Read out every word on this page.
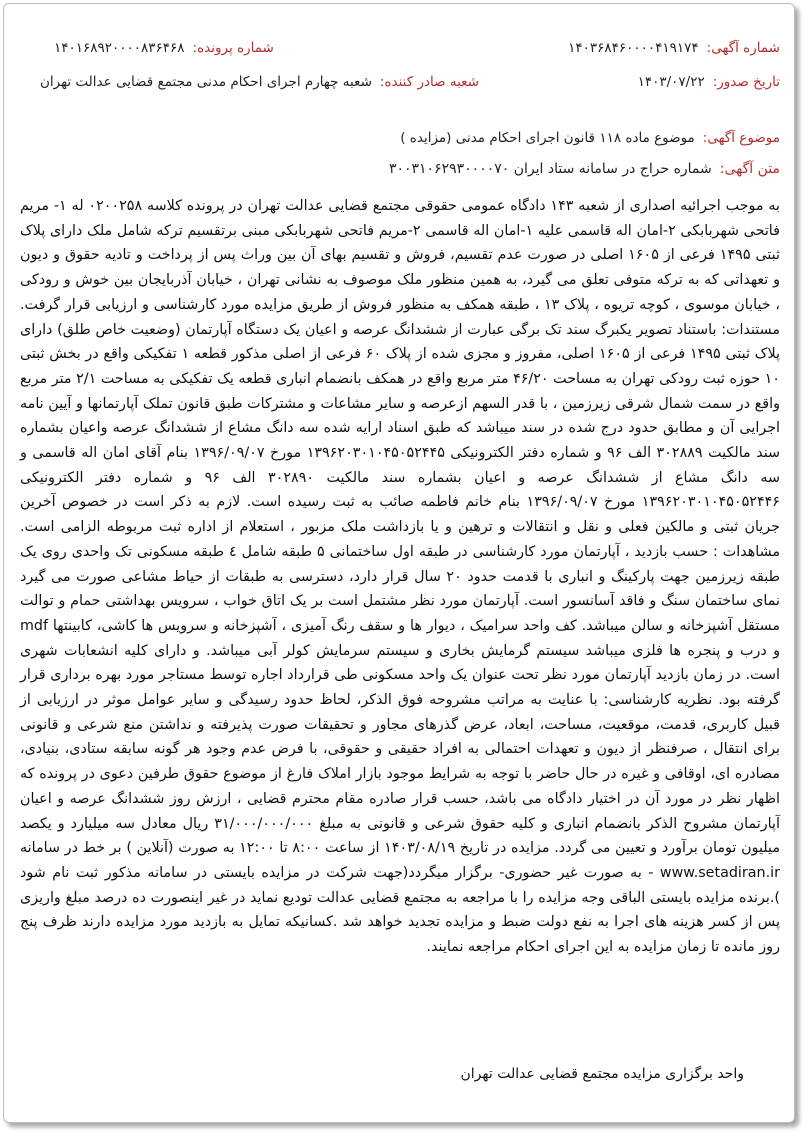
شماره آگهی:
۱۴۰۳۶۸۴۶۰۰۰۰۴۱۹۱۷۴
شماره پرونده:
۱۴۰۱۶۸۹۲۰۰۰۰۸۳۶۴۶۸
تاریخ صدور:
۱۴۰۳/۰۷/۲۲
شعبه صادر کننده:
شعبه چهارم اجرای احکام مدنی مجتمع قضایی عدالت تهران
موضوع آگهی:موضوع ماده ۱۱۸ قانون اجرای احکام مدنی (مزایده )
متن آگهی:شماره حراج در سامانه ستاد ایران ۳۰۰۳۱۰۶۲۹۳۰۰۰۰۷۰

به موجب اجرائیه اصداری از شعبه ۱۴۳ دادگاه عمومی حقوقی مجتمع قضایی عدالت تهران در پرونده کلاسه ۰۲۰۰۲۵۸ له ۱- مریم فاتحی شهربابکی ۲-امان اله قاسمی علیه ۱-امان اله قاسمی ۲-مریم فاتحی شهربابکی مبنی برتقسیم ترکه شامل ملک دارای پلاک ثبتی ۱۴۹۵ فرعی از ۱۶۰۵ اصلی در صورت عدم تقسیم، فروش و تقسیم بهای آن بین وراث پس از پرداخت و تادیه حقوق و دیون و تعهداتی که به ترکه متوفی تعلق می گیرد، به همین منظور ملک موصوف به نشانی تهران ، خیابان آذربایجان بین خوش و رودکی ، خیابان موسوی ، کوچه تریوه ، پلاک ۱۳ ، طبقه همکف به منظور فروش از طریق مزایده مورد کارشناسی و ارزیابی قرار گرفت. مستندات: باستناد تصویر یکبرگ سند تک برگی عبارت از ششدانگ عرصه و اعیان یک دستگاه آپارتمان (وضعیت خاص طلق) دارای پلاک ثبتی ۱۴۹۵ فرعی از ۱۶۰۵ اصلی، مفروز و مجزی شده از پلاک ۶۰ فرعی از اصلی مذکور قطعه ۱ تفکیکی واقع در بخش ثبتی ۱۰ حوزه ثبت رودکی تهران به مساحت ۴۶/۲۰ متر مربع واقع در همکف بانضمام انباری قطعه یک تفکیکی به مساحت ۲/۱ متر مربع واقع در سمت شمال شرقی زیرزمین ، با قدر السهم ازعرصه و سایر مشاعات و مشترکات طبق قانون تملک آپارتمانها و آیین نامه اجرایی آن و مطابق حدود درج شده در سند میباشد که طبق اسناد ارایه شده سه دانگ مشاع از ششدانگ عرصه واعیان بشماره سند مالکیت ۳۰۲۸۸۹ الف ۹۶ و شماره دفتر الکترونیکی ۱۳۹۶۲۰۳۰۱۰۴۵۰۵۲۴۴۵ مورخ ۱۳۹۶/۰۹/۰۷ بنام آقای امان اله قاسمی و سه دانگ مشاع از ششدانگ عرصه و اعیان بشماره سند مالکیت ۳۰۲۸۹۰ الف ۹۶ و شماره دفتر الکترونیکی ۱۳۹۶۲۰۳۰۱۰۴۵۰۵۲۴۴۶ مورخ ۱۳۹۶/۰۹/۰۷ بنام خانم فاطمه صائب به ثبت رسیده است. لازم به ذکر است در خصوص آخرین جریان ثبتی و مالکین فعلی و نقل و انتقالات و ترهین و یا بازداشت ملک مزبور ، استعلام از اداره ثبت مربوطه الزامی است. مشاهدات : حسب بازدید ، آپارتمان مورد کارشناسی در طبقه اول ساختمانی ۵ طبقه شامل ٤ طبقه مسکونی تک واحدی روی یک طبقه زیرزمین جهت پارکینگ و انباری با قدمت حدود ۲۰ سال قرار دارد، دسترسی به طبقات از حیاط مشاعی صورت می گیرد نمای ساختمان سنگ و فاقد آسانسور است. آپارتمان مورد نظر مشتمل است بر یک اتاق خواب ، سرویس بهداشتی حمام و توالت مستقل آشپزخانه و سالن میباشد. کف واحد سرامیک ، دیوار ها و سقف رنگ آمیزی ، آشپزخانه و سرویس ها کاشی، کابینتها mdf و درب و پنجره ها فلزی میباشد سیستم گرمایش بخاری و سیستم سرمایش کولر آبی میباشد. و دارای کلیه انشعابات شهری است. در زمان بازدید آپارتمان مورد نظر تحت عنوان یک واحد مسکونی طی قرارداد اجاره توسط مستاجر مورد بهره برداری قرار گرفته بود. نظریه کارشناسی: با عنایت به مراتب مشروحه فوق الذکر، لحاظ حدود رسیدگی و سایر عوامل موثر در ارزیابی از قبیل کاربری، قدمت، موقعیت، مساحت، ابعاد، عرض گذرهای مجاور و تحقیقات صورت پذیرفته و نداشتن منع شرعی و قانونی برای انتقال ، صرفنظر از دیون و تعهدات احتمالی به افراد حقیقی و حقوقی، با فرض عدم وجود هر گونه سابقه ستادی، بنیادی، مصادره ای، اوقافی و غیره در حال حاضر با توجه به شرایط موجود بازار املاک فارغ از موضوع حقوق طرفین دعوی در پرونده که اظهار نظر در مورد آن در اختیار دادگاه می باشد، حسب قرار صادره مقام محترم قضایی ، ارزش روز ششدانگ عرصه و اعیان آپارتمان مشروح الذکر بانضمام انباری و کلیه حقوق شرعی و قانونی به مبلغ ۳۱/۰۰۰/۰۰۰/۰۰۰ ریال معادل سه میلیارد و یکصد میلیون تومان برآورد و تعیین می گردد. مزایده در تاریخ ۱۴۰۳/۰۸/۱۹ از ساعت ۸:۰۰ تا ۱۲:۰۰ به صورت (آنلاین ) بر خط در سامانه www.setadiran.ir - به صورت غیر حضوری- برگزار میگردد(جهت شرکت در مزایده بایستی در سامانه مذکور ثبت نام شود ).برنده مزایده بایستی الباقی وجه مزایده را با مراجعه به مجتمع قضایی عدالت تودیع نماید در غیر اینصورت ده درصد مبلغ واریزی پس از کسر هزینه های اجرا به نفع دولت ضبط و مزایده تجدید خواهد شد .کسانیکه تمایل به بازدید مورد مزایده دارند ظرف پنج روز مانده تا زمان مزایده به این اجرای احکام مراجعه نمایند.

واحد برگزاری مزایده مجتمع قضایی عدالت تهران
